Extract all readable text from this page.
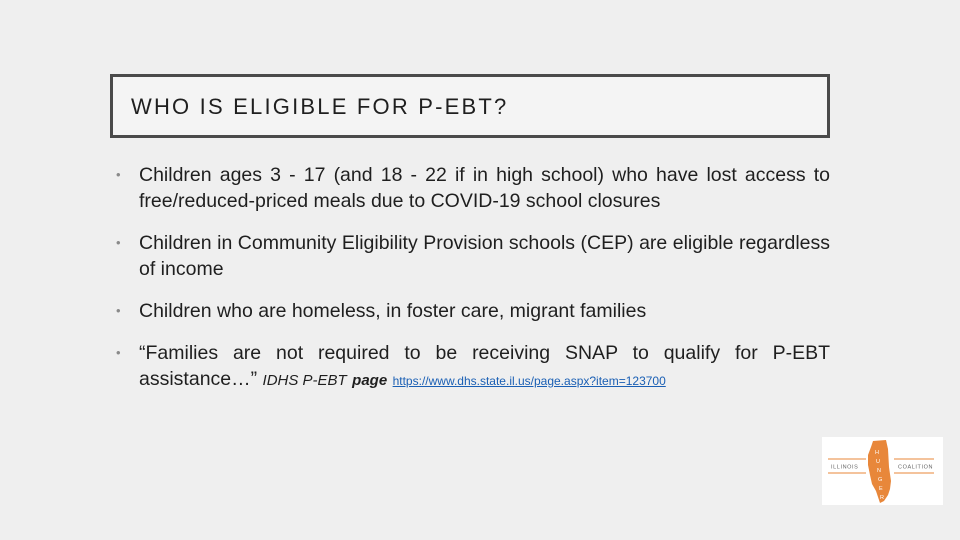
WHO IS ELIGIBLE FOR P-EBT?
• Children ages 3 - 17 (and 18 - 22 if in high school) who have lost access to free/reduced-priced meals due to COVID-19 school closures
• Children in Community Eligibility Provision schools (CEP) are eligible regardless of income
• Children who are homeless, in foster care, migrant families
• “Families are not required to be receiving SNAP to qualify for P-EBT assistance…” IDHS P-EBT page https://www.dhs.state.il.us/page.aspx?item=123700
ILLINOIS	COALITION
H
U
N
G
E
R
